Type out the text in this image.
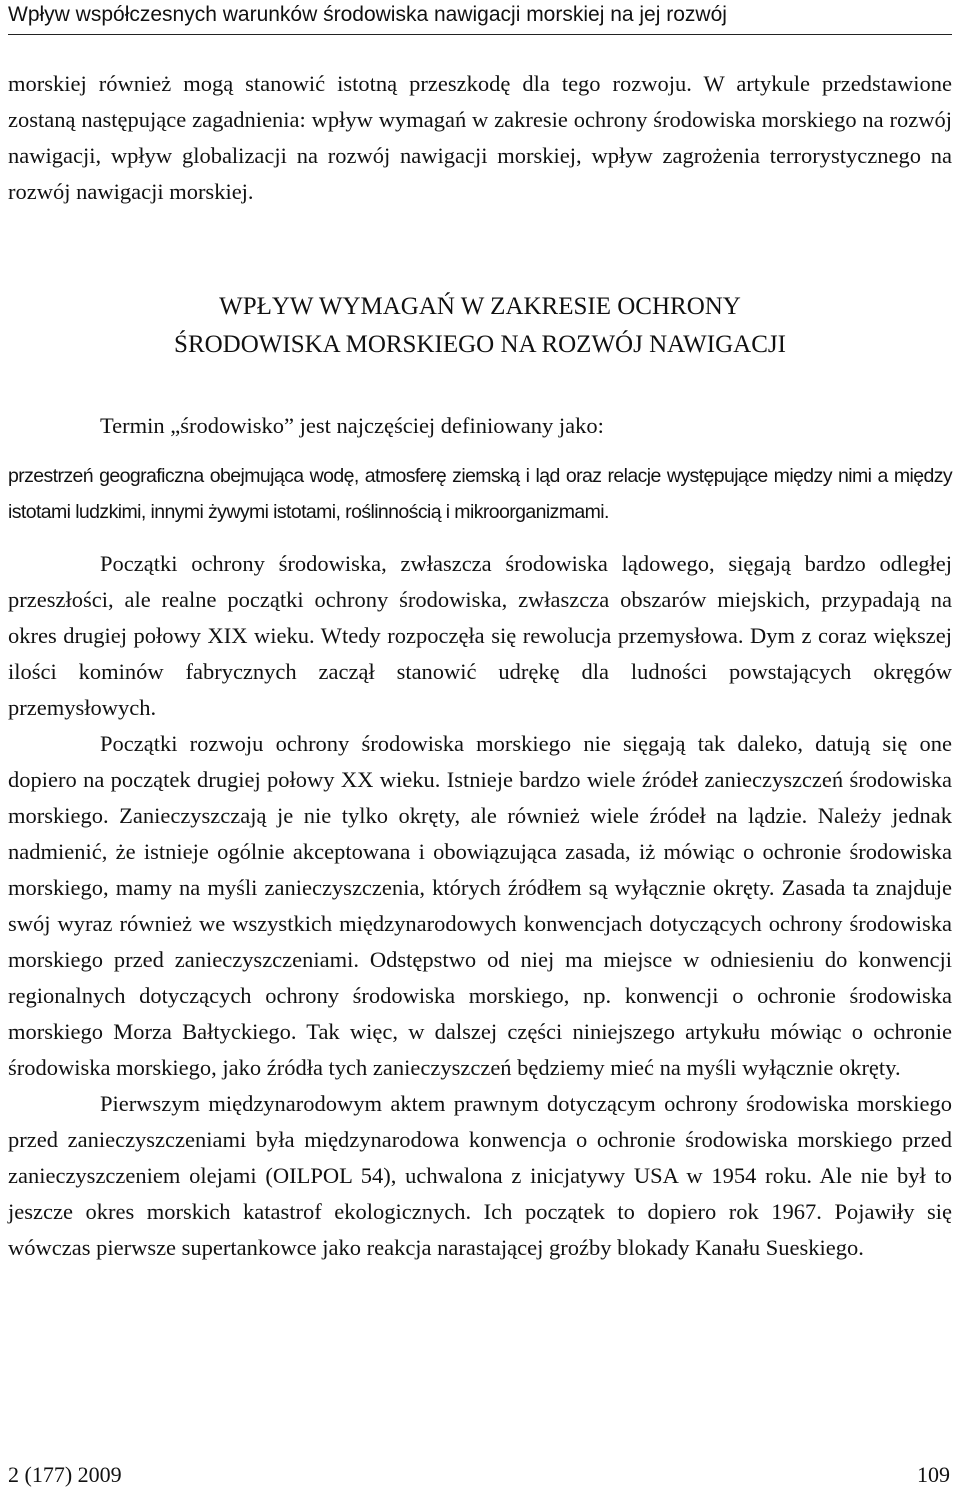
Wpływ współczesnych warunków środowiska nawigacji morskiej na jej rozwój

morskiej również mogą stanowić istotną przeszkodę dla tego rozwoju. W artykule przedstawione zostaną następujące zagadnienia: wpływ wymagań w zakresie ochrony środowiska morskiego na rozwój nawigacji, wpływ globalizacji na rozwój nawigacji morskiej, wpływ zagrożenia terrorystycznego na rozwój nawigacji morskiej.

WPŁYW WYMAGAŃ W ZAKRESIE OCHRONY
ŚRODOWISKA MORSKIEGO NA ROZWÓJ NAWIGACJI
Termin „środowisko” jest najczęściej definiowany jako:
przestrzeń geograficzna obejmująca wodę, atmosferę ziemską i ląd oraz relacje występujące między nimi a między istotami ludzkimi, innymi żywymi istotami, roślinnością i mikroorganizmami.

Początki ochrony środowiska, zwłaszcza środowiska lądowego, sięgają bardzo odległej przeszłości, ale realne początki ochrony środowiska, zwłaszcza obszarów miejskich, przypadają na okres drugiej połowy XIX wieku. Wtedy rozpoczęła się rewolucja przemysłowa. Dym z coraz większej ilości kominów fabrycznych zaczął stanowić udrękę dla ludności powstających okręgów przemysłowych.

Początki rozwoju ochrony środowiska morskiego nie sięgają tak daleko, datują się one dopiero na początek drugiej połowy XX wieku. Istnieje bardzo wiele źródeł zanieczyszczeń środowiska morskiego. Zanieczyszczają je nie tylko okręty, ale również wiele źródeł na lądzie. Należy jednak nadmienić, że istnieje ogólnie akceptowana i obowiązująca zasada, iż mówiąc o ochronie środowiska morskiego, mamy na myśli zanieczyszczenia, których źródłem są wyłącznie okręty. Zasada ta znajduje swój wyraz również we wszystkich międzynarodowych konwencjach dotyczących ochrony środowiska morskiego przed zanieczyszczeniami. Odstępstwo od niej ma miejsce w odniesieniu do konwencji regionalnych dotyczących ochrony środowiska morskiego, np. konwencji o ochronie środowiska morskiego Morza Bałtyckiego. Tak więc, w dalszej części niniejszego artykułu mówiąc o ochronie środowiska morskiego, jako źródła tych zanieczyszczeń będziemy mieć na myśli wyłącznie okręty.

Pierwszym międzynarodowym aktem prawnym dotyczącym ochrony środowiska morskiego przed zanieczyszczeniami była międzynarodowa konwencja o ochronie środowiska morskiego przed zanieczyszczeniem olejami (OILPOL 54), uchwalona z inicjatywy USA w 1954 roku. Ale nie był to jeszcze okres morskich katastrof ekologicznych. Ich początek to dopiero rok 1967. Pojawiły się wówczas pierwsze supertankowce jako reakcja narastającej groźby blokady Kanału Sueskiego.

2 (177) 2009	109
